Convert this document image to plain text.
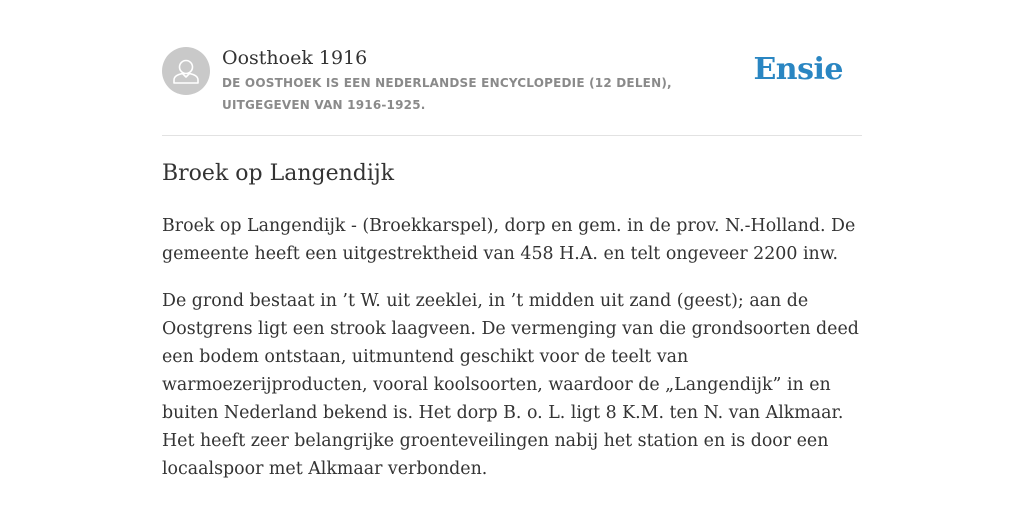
Oosthoek 1916
DE OOSTHOEK IS EEN NEDERLANDSE ENCYCLOPEDIE (12 DELEN), UITGEGEVEN VAN 1916-1925.
Ensie
Broek op Langendijk

Broek op Langendijk - (Broekkarspel), dorp en gem. in de prov. N.-Holland. De gemeente heeft een uitgestrektheid van 458 H.A. en telt ongeveer 2200 inw.

De grond bestaat in ’t W. uit zeeklei, in ’t midden uit zand (geest); aan de Oostgrens ligt een strook laagveen. De vermenging van die grondsoorten deed een bodem ontstaan, uitmuntend geschikt voor de teelt van warmoezerijproducten, vooral koolsoorten, waardoor de „Langendijk” in en buiten Nederland bekend is. Het dorp B. o. L. ligt 8 K.M. ten N. van Alkmaar. Het heeft zeer belangrijke groenteveilingen nabij het station en is door een locaalspoor met Alkmaar verbonden.
